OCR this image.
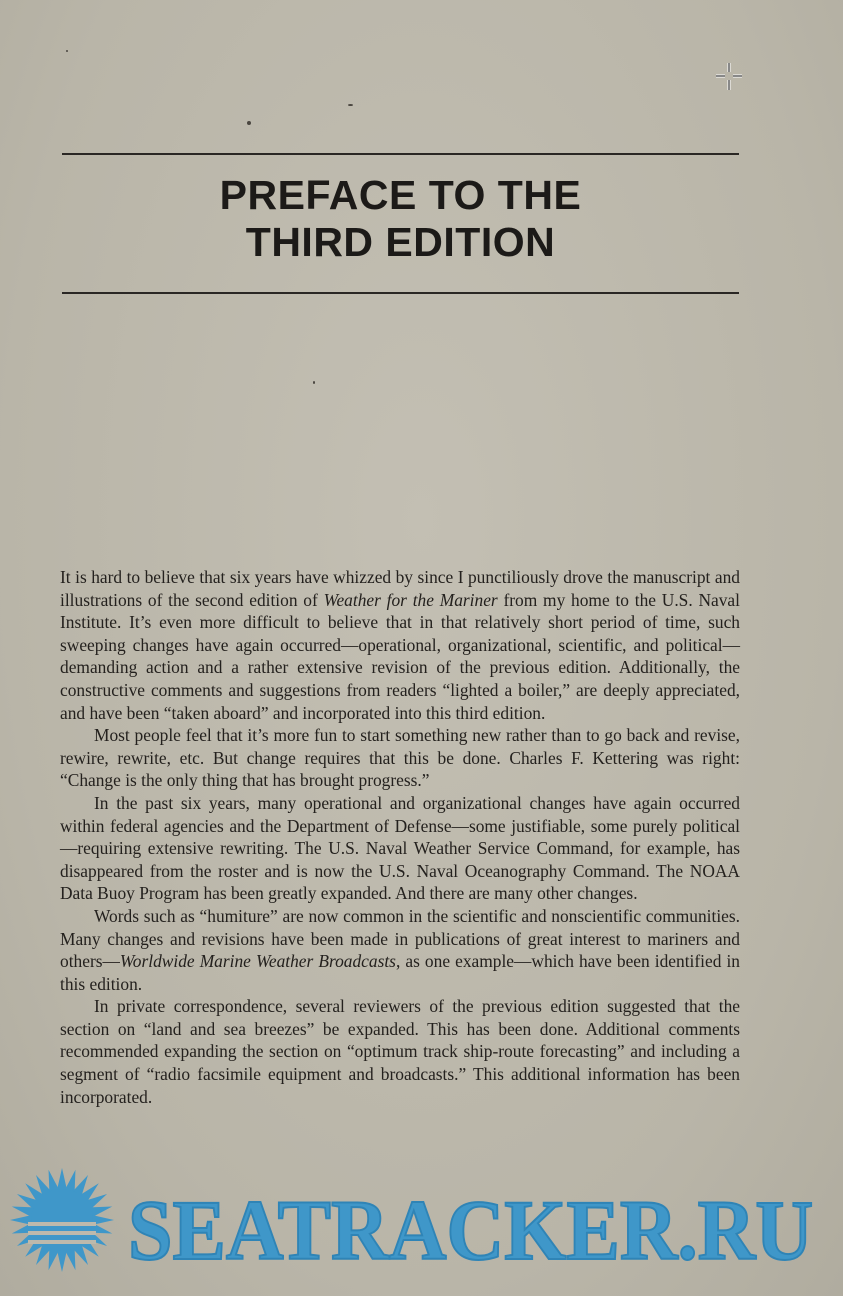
PREFACE TO THE
THIRD EDITION

It is hard to believe that six years have whizzed by since I punctiliously drove the manuscript and illustrations of the second edition of Weather for the Mariner from my home to the U.S. Naval Institute. It’s even more difficult to believe that in that relatively short period of time, such sweeping changes have again occurred—operational, organizational, scientific, and political—demanding action and a rather extensive revision of the previous edition. Additionally, the constructive comments and suggestions from readers “lighted a boiler,” are deeply appreciated, and have been “taken aboard” and incorporated into this third edition.

Most people feel that it’s more fun to start something new rather than to go back and revise, rewire, rewrite, etc. But change requires that this be done. Charles F. Kettering was right: “Change is the only thing that has brought progress.”

In the past six years, many operational and organizational changes have again occurred within federal agencies and the Department of Defense—some justifiable, some purely political—requiring extensive rewriting. The U.S. Naval Weather Service Command, for example, has disappeared from the roster and is now the U.S. Naval Oceanography Command. The NOAA Data Buoy Program has been greatly expanded. And there are many other changes.

Words such as “humiture” are now common in the scientific and nonscientific communities. Many changes and revisions have been made in publications of great interest to mariners and others—Worldwide Marine Weather Broadcasts, as one example—which have been identified in this edition.

In private correspondence, several reviewers of the previous edition suggested that the section on “land and sea breezes” be expanded. This has been done. Additional comments recommended expanding the section on “optimum track ship-route forecasting” and including a segment of “radio facsimile equipment and broadcasts.” This additional information has been incorporated.

SEATRACKER.RU
